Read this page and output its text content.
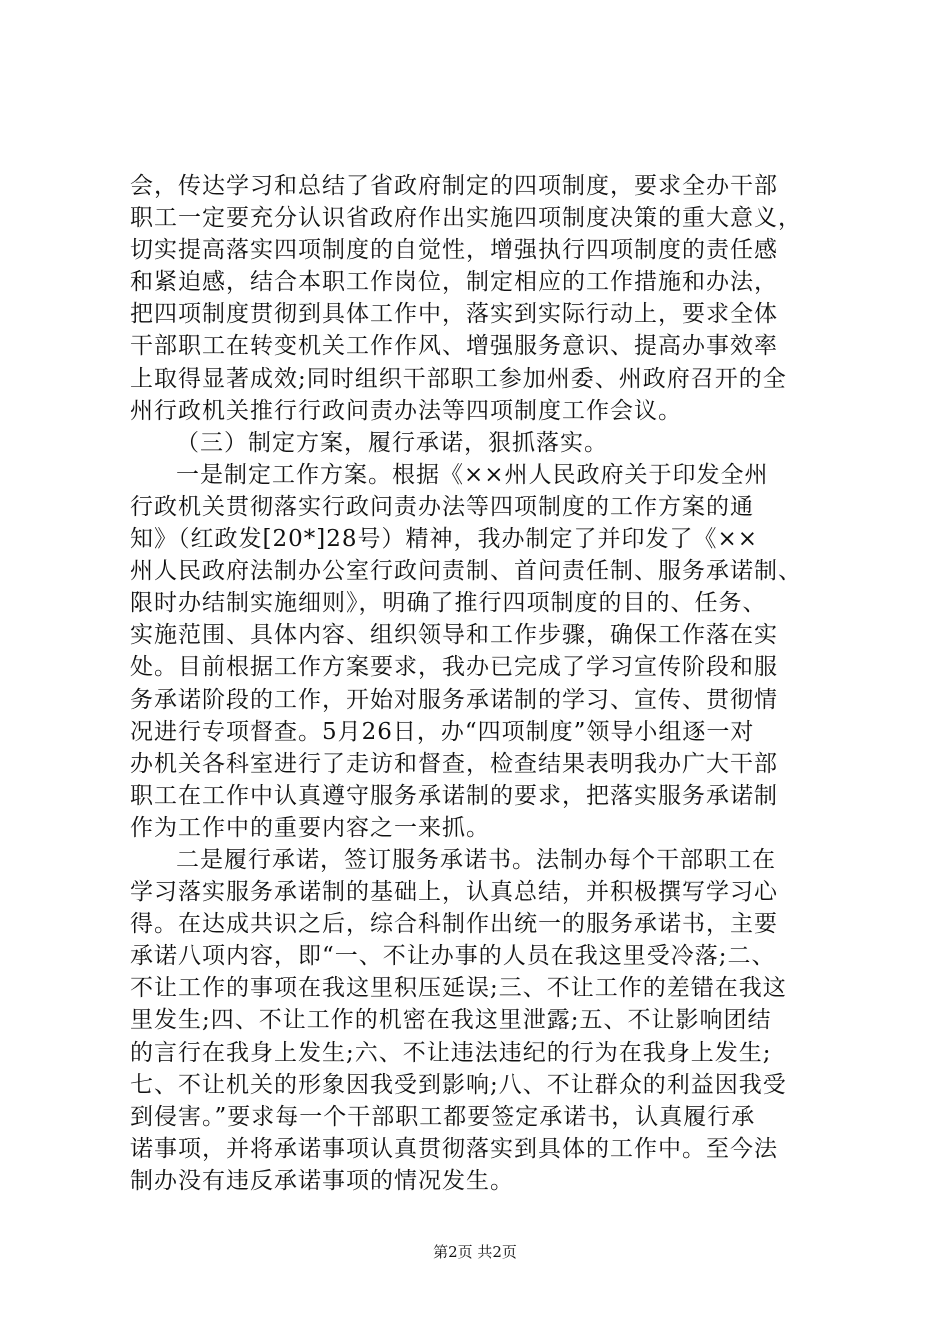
会，传达学习和总结了省政府制定的四项制度，要求全办干部
职工一定要充分认识省政府作出实施四项制度决策的重大意义，
切实提高落实四项制度的自觉性，增强执行四项制度的责任感
和紧迫感，结合本职工作岗位，制定相应的工作措施和办法，
把四项制度贯彻到具体工作中，落实到实际行动上，要求全体
干部职工在转变机关工作作风、增强服务意识、提高办事效率
上取得显著成效;同时组织干部职工参加州委、州政府召开的全
州行政机关推行行政问责办法等四项制度工作会议。
（三）制定方案，履行承诺，狠抓落实。
一是制定工作方案。根据《××州人民政府关于印发全州
行政机关贯彻落实行政问责办法等四项制度的工作方案的通
知》（红政发[20*]28号）精神，我办制定了并印发了《××
州人民政府法制办公室行政问责制、首问责任制、服务承诺制、
限时办结制实施细则》，明确了推行四项制度的目的、任务、
实施范围、具体内容、组织领导和工作步骤，确保工作落在实
处。目前根据工作方案要求，我办已完成了学习宣传阶段和服
务承诺阶段的工作，开始对服务承诺制的学习、宣传、贯彻情
况进行专项督查。5月26日，办“四项制度”领导小组逐一对
办机关各科室进行了走访和督查，检查结果表明我办广大干部
职工在工作中认真遵守服务承诺制的要求，把落实服务承诺制
作为工作中的重要内容之一来抓。
二是履行承诺，签订服务承诺书。法制办每个干部职工在
学习落实服务承诺制的基础上，认真总结，并积极撰写学习心
得。在达成共识之后，综合科制作出统一的服务承诺书，主要
承诺八项内容，即“一、不让办事的人员在我这里受冷落;二、
不让工作的事项在我这里积压延误;三、不让工作的差错在我这
里发生;四、不让工作的机密在我这里泄露;五、不让影响团结
的言行在我身上发生;六、不让违法违纪的行为在我身上发生;
七、不让机关的形象因我受到影响;八、不让群众的利益因我受
到侵害。”要求每一个干部职工都要签定承诺书，认真履行承
诺事项，并将承诺事项认真贯彻落实到具体的工作中。至今法
制办没有违反承诺事项的情况发生。
第2页 共2页
